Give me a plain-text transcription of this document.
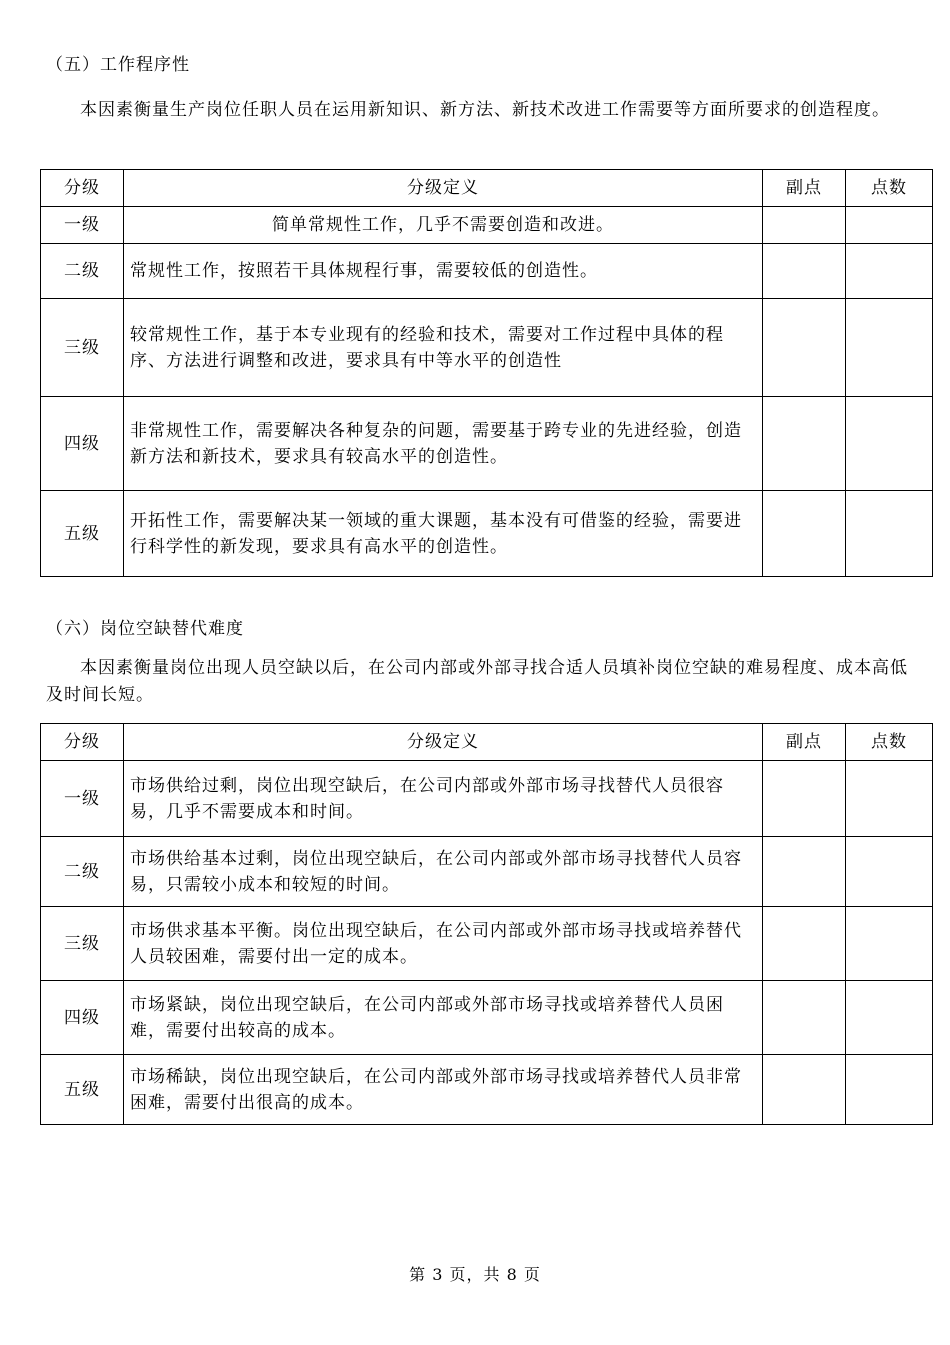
（五）工作程序性
本因素衡量生产岗位任职人员在运用新知识、新方法、新技术改进工作需要等方面所要求的创造程度。
分级	分级定义	副点	点数
一级	简单常规性工作，几乎不需要创造和改进。		
二级	常规性工作，按照若干具体规程行事，需要较低的创造性。		
三级	较常规性工作，基于本专业现有的经验和技术，需要对工作过程中具体的程序、方法进行调整和改进，要求具有中等水平的创造性		
四级	非常规性工作，需要解决各种复杂的问题，需要基于跨专业的先进经验，创造新方法和新技术，要求具有较高水平的创造性。		
五级	开拓性工作，需要解决某一领域的重大课题，基本没有可借鉴的经验，需要进行科学性的新发现，要求具有高水平的创造性。		
（六）岗位空缺替代难度
本因素衡量岗位出现人员空缺以后，在公司内部或外部寻找合适人员填补岗位空缺的难易程度、成本高低及时间长短。
分级	分级定义	副点	点数
一级	市场供给过剩，岗位出现空缺后，在公司内部或外部市场寻找替代人员很容易，几乎不需要成本和时间。		
二级	市场供给基本过剩，岗位出现空缺后，在公司内部或外部市场寻找替代人员容易，只需较小成本和较短的时间。		
三级	市场供求基本平衡。岗位出现空缺后，在公司内部或外部市场寻找或培养替代人员较困难，需要付出一定的成本。		
四级	市场紧缺，岗位出现空缺后，在公司内部或外部市场寻找或培养替代人员困难，需要付出较高的成本。		
五级	市场稀缺，岗位出现空缺后，在公司内部或外部市场寻找或培养替代人员非常困难，需要付出很高的成本。		
第 3 页，共 8 页
